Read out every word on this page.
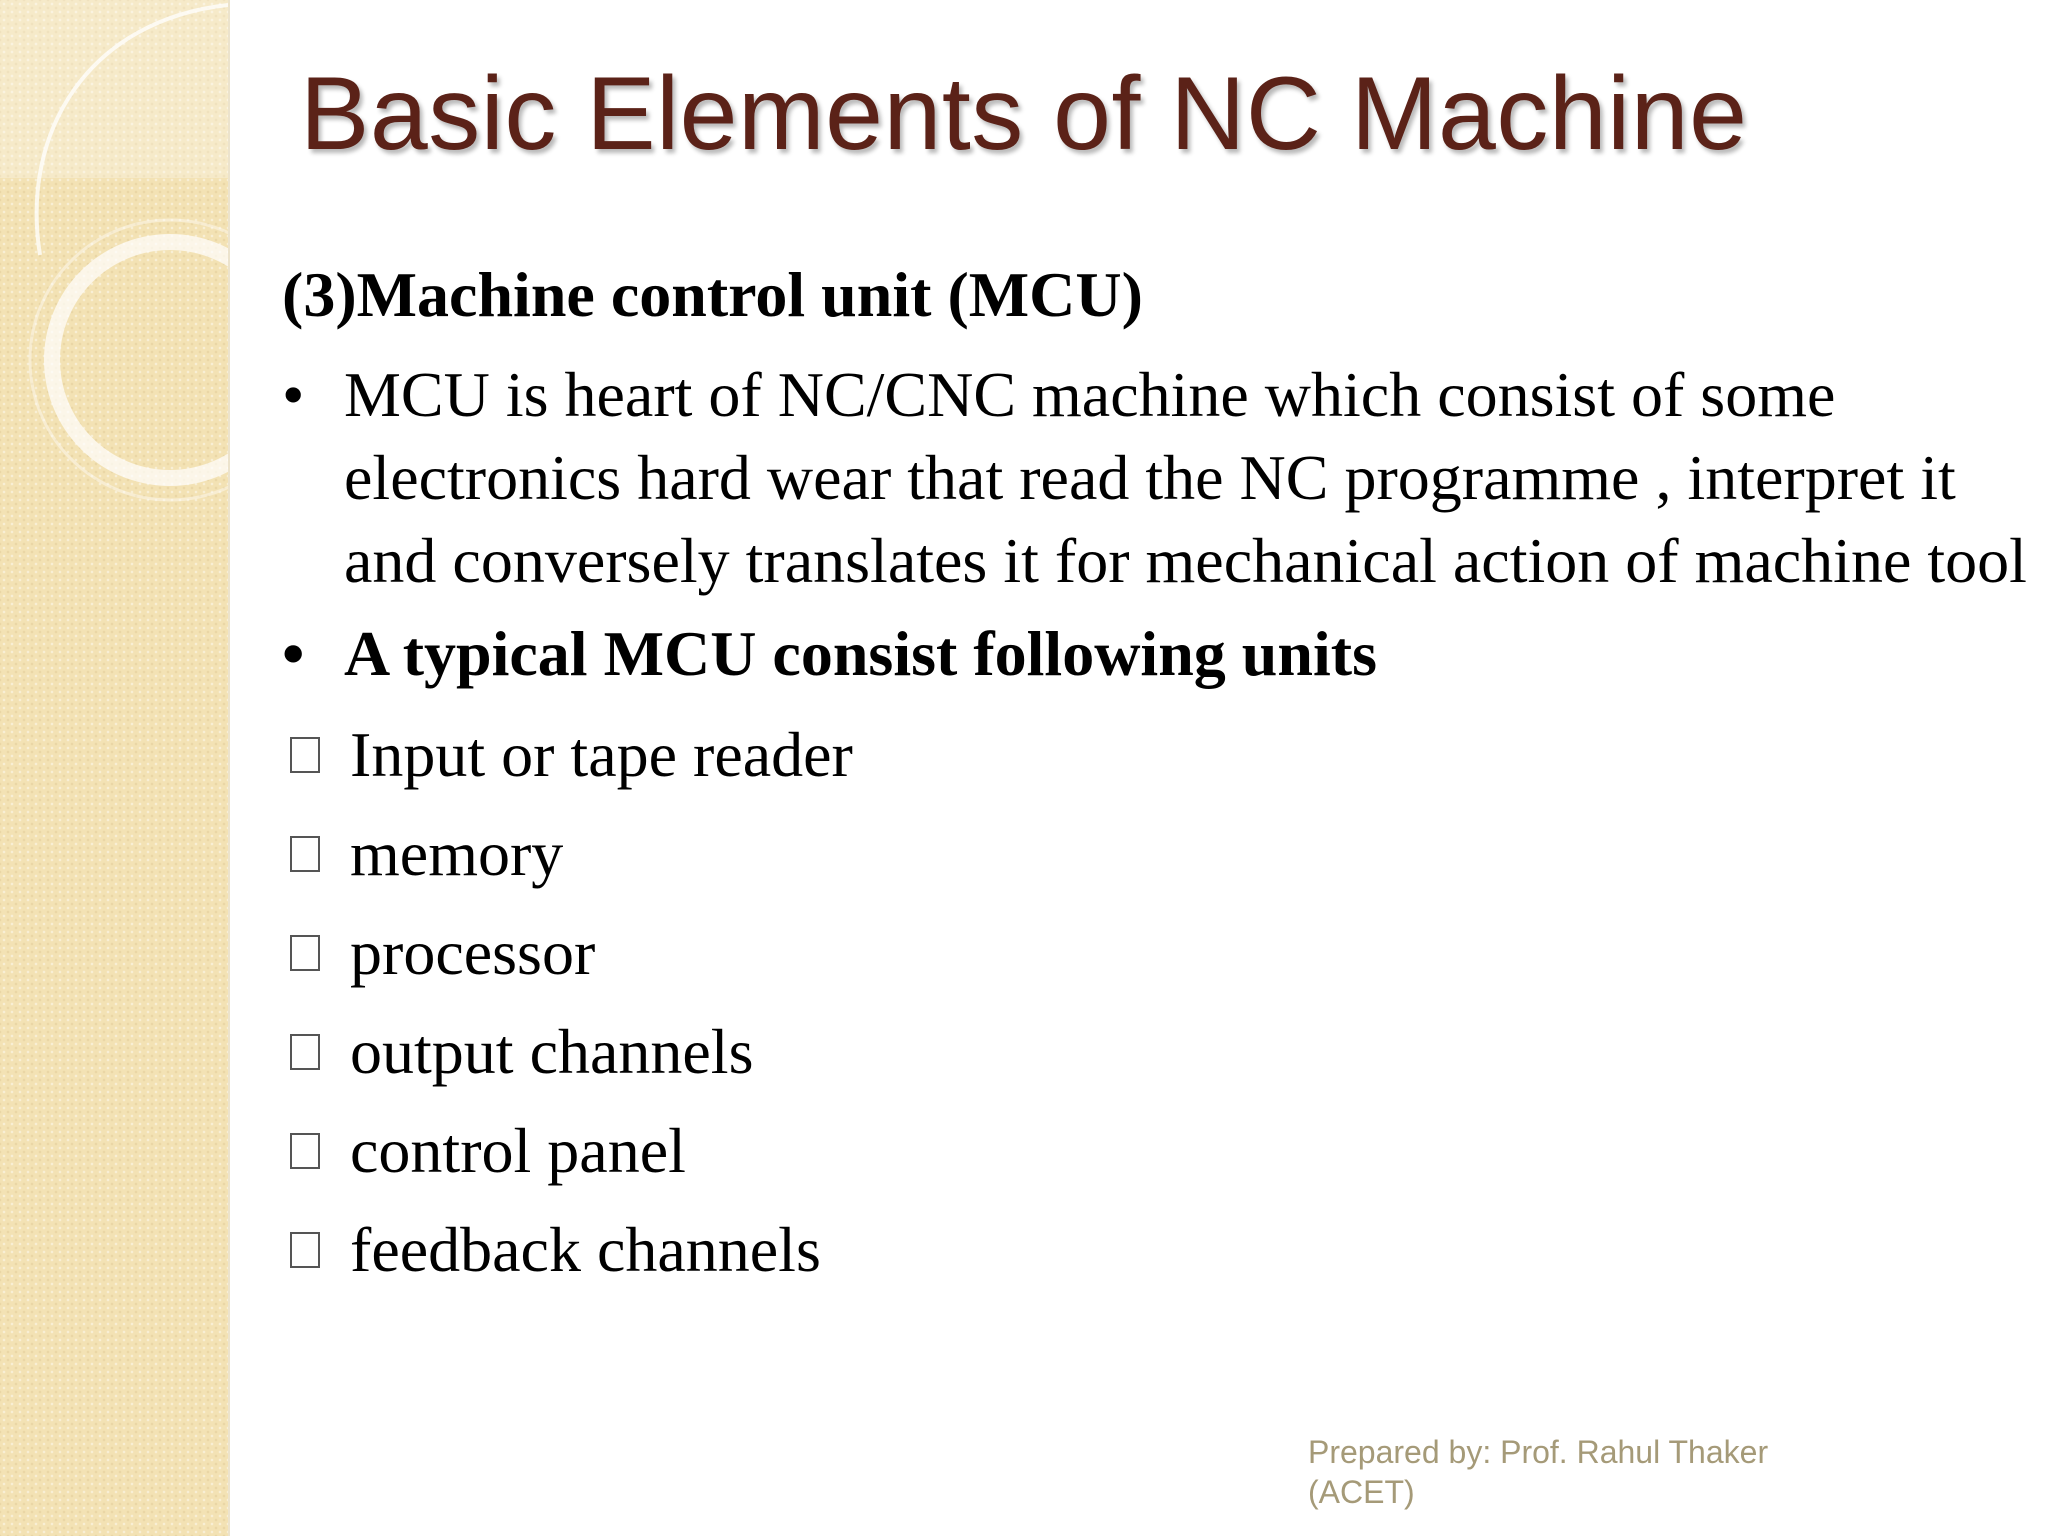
Basic Elements of NC Machine
(3)Machine control unit (MCU)
• MCU is heart of NC/CNC machine which consist of some electronics hard wear that read the NC programme , interpret it and conversely translates it for mechanical action of machine tool
• A typical MCU consist following units
Input or tape reader
memory
processor
output channels
control panel
feedback channels
Prepared by: Prof. Rahul Thaker
(ACET)
